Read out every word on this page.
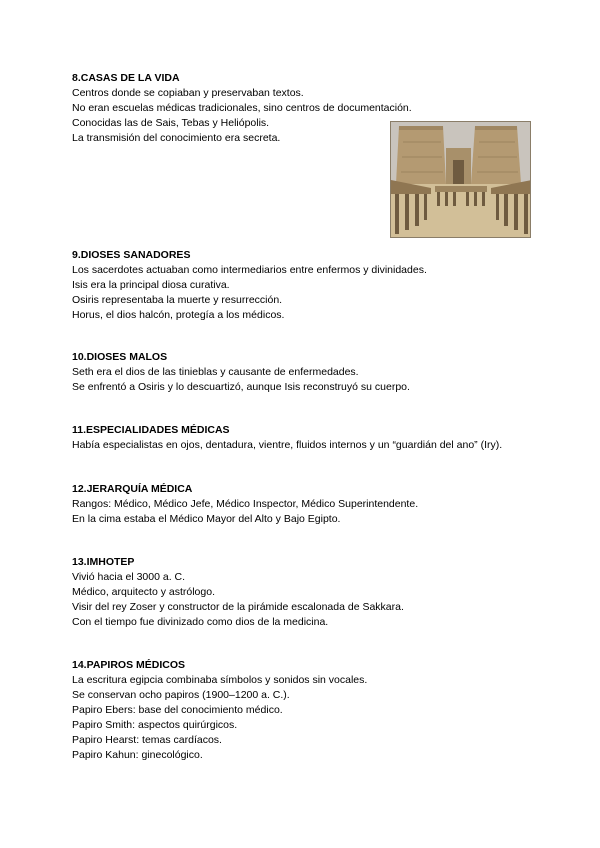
8.CASAS DE LA VIDA
Centros donde se copiaban y preservaban textos.
No eran escuelas médicas tradicionales, sino centros de documentación.
Conocidas las de Sais, Tebas y Heliópolis.
La transmisión del conocimiento era secreta.
9.DIOSES SANADORES
Los sacerdotes actuaban como intermediarios entre enfermos y divinidades.
Isis era la principal diosa curativa.
Osiris representaba la muerte y resurrección.
Horus, el dios halcón, protegía a los médicos.
10.DIOSES MALOS
Seth era el dios de las tinieblas y causante de enfermedades.
Se enfrentó a Osiris y lo descuartizó, aunque Isis reconstruyó su cuerpo.
11.ESPECIALIDADES MÉDICAS
Había especialistas en ojos, dentadura, vientre, fluidos internos y un “guardián del ano” (Iry).
12.JERARQUÍA MÉDICA
Rangos: Médico, Médico Jefe, Médico Inspector, Médico Superintendente.
En la cima estaba el Médico Mayor del Alto y Bajo Egipto.
13.IMHOTEP
Vivió hacia el 3000 a. C.
Médico, arquitecto y astrólogo.
Visir del rey Zoser y constructor de la pirámide escalonada de Sakkara.
Con el tiempo fue divinizado como dios de la medicina.
14.PAPIROS MÉDICOS
La escritura egipcia combinaba símbolos y sonidos sin vocales.
Se conservan ocho papiros (1900–1200 a. C.).
Papiro Ebers: base del conocimiento médico.
Papiro Smith: aspectos quirúrgicos.
Papiro Hearst: temas cardíacos.
Papiro Kahun: ginecológico.
